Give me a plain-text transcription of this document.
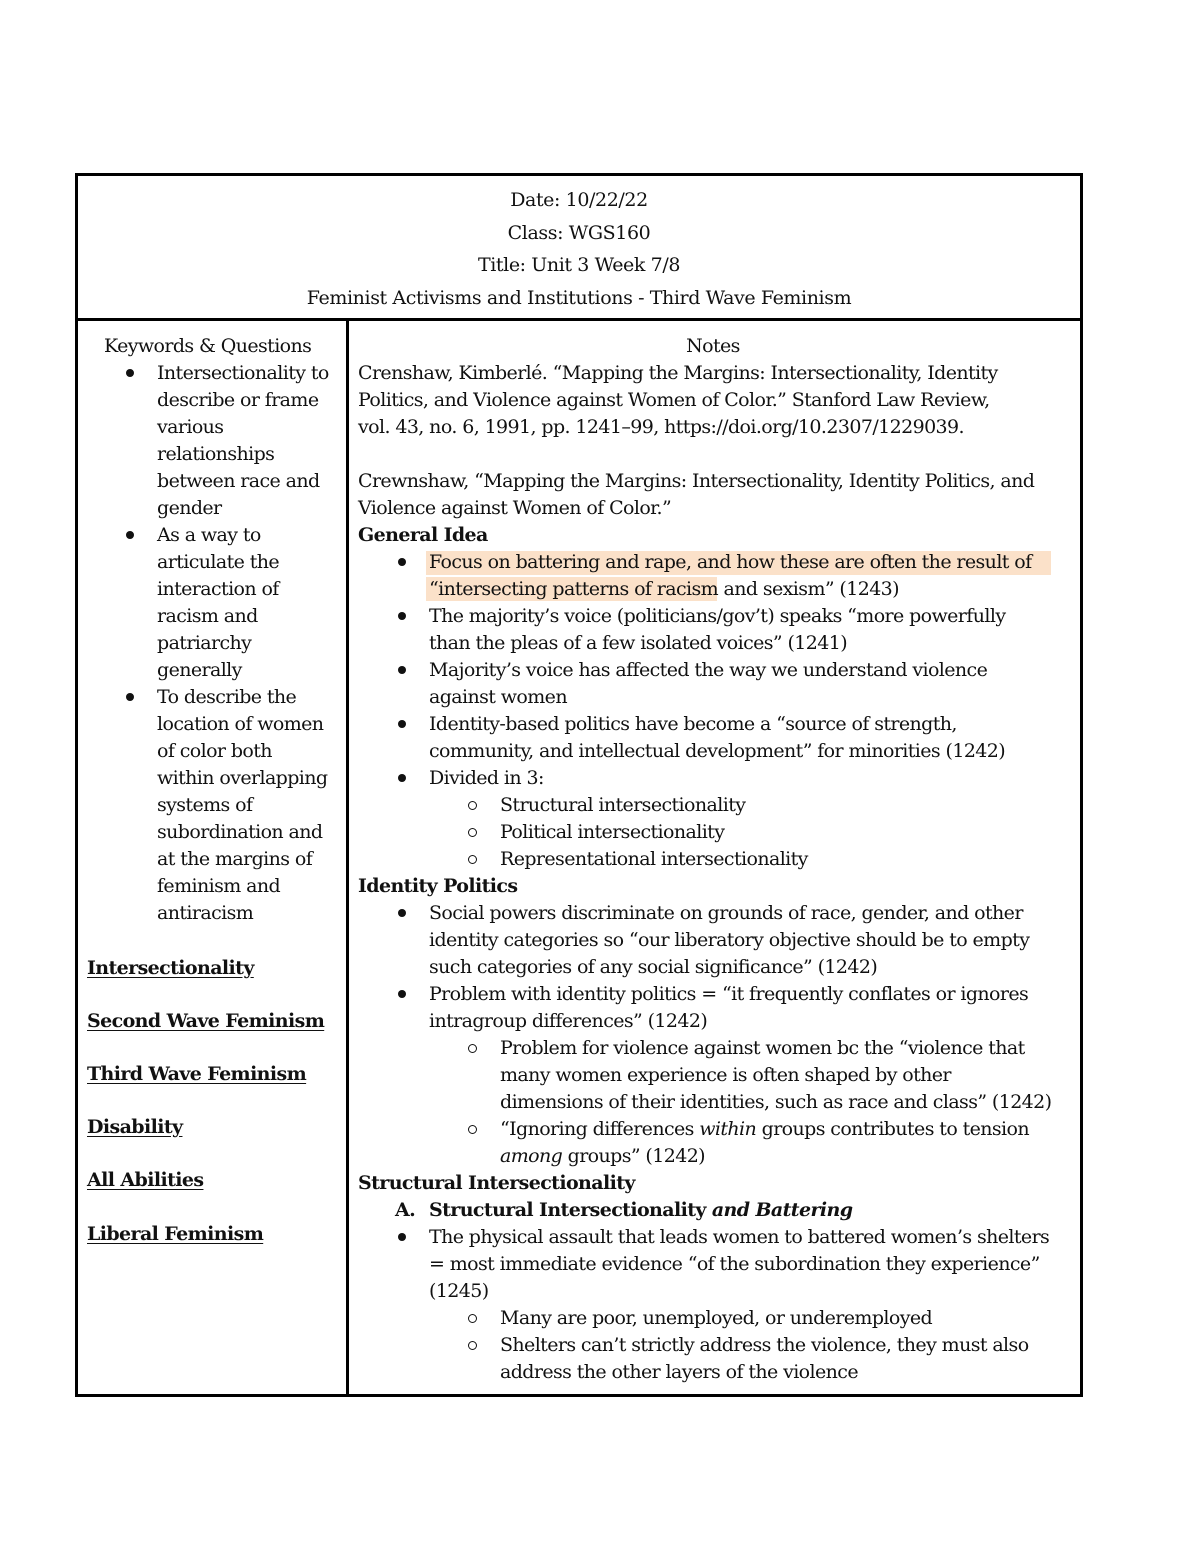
Date: 10/22/22
Class: WGS160
Title: Unit 3 Week 7/8
Feminist Activisms and Institutions - Third Wave Feminism
Keywords & Questions
Intersectionality to
describe or frame
various
relationships
between race and
gender
As a way to
articulate the
interaction of
racism and
patriarchy
generally
To describe the
location of women
of color both
within overlapping
systems of
subordination and
at the margins of
feminism and
antiracism
Intersectionality
Second Wave Feminism
Third Wave Feminism
Disability
All Abilities
Liberal Feminism
Notes
Crenshaw, Kimberlé. “Mapping the Margins: Intersectionality, Identity
Politics, and Violence against Women of Color.” Stanford Law Review,
vol. 43, no. 6, 1991, pp. 1241–99, https://doi.org/10.2307/1229039.
Crewnshaw, “Mapping the Margins: Intersectionality, Identity Politics, and
Violence against Women of Color.”
General Idea
Focus on battering and rape, and how these are often the result of
“intersecting patterns of racism and sexism” (1243)
The majority’s voice (politicians/gov’t) speaks “more powerfully
than the pleas of a few isolated voices” (1241)
Majority’s voice has affected the way we understand violence
against women
Identity-based politics have become a “source of strength,
community, and intellectual development” for minorities (1242)
Divided in 3:
Structural intersectionality
Political intersectionality
Representational intersectionality
Identity Politics
Social powers discriminate on grounds of race, gender, and other
identity categories so “our liberatory objective should be to empty
such categories of any social significance” (1242)
Problem with identity politics = “it frequently conflates or ignores
intragroup differences” (1242)
Problem for violence against women bc the “violence that
many women experience is often shaped by other
dimensions of their identities, such as race and class” (1242)
“Ignoring differences within groups contributes to tension
among groups” (1242)
Structural Intersectionality
A. Structural Intersectionality and Battering
The physical assault that leads women to battered women’s shelters
= most immediate evidence “of the subordination they experience”
(1245)
Many are poor, unemployed, or underemployed
Shelters can’t strictly address the violence, they must also
address the other layers of the violence
